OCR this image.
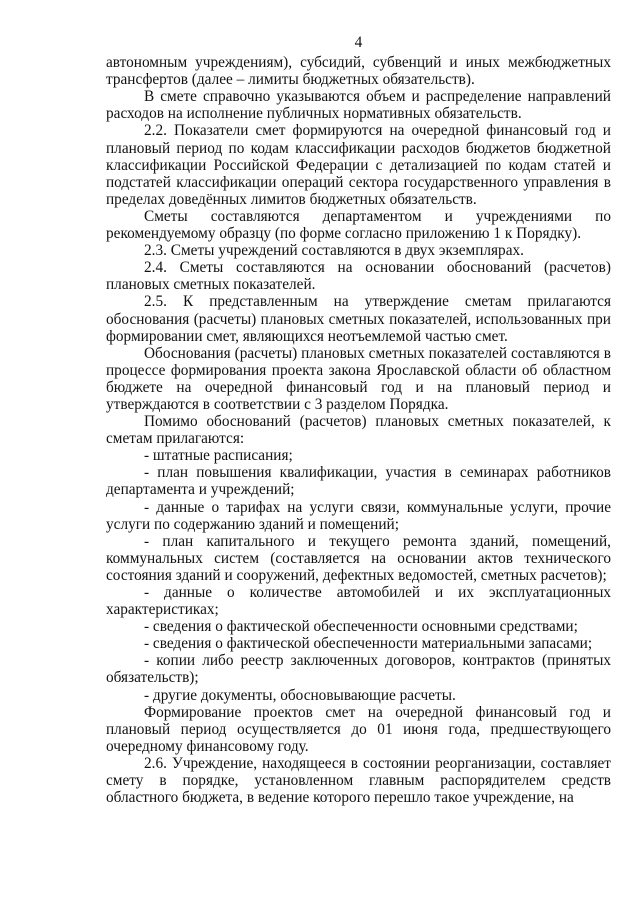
4

автономным учреждениям), субсидий, субвенций и иных межбюджетных трансфертов (далее – лимиты бюджетных обязательств).

В смете справочно указываются объем и распределение направлений расходов на исполнение публичных нормативных обязательств.

2.2. Показатели смет формируются на очередной финансовый год и плановый период по кодам классификации расходов бюджетов бюджетной классификации Российской Федерации с детализацией по кодам статей и подстатей классификации операций сектора государственного управления в пределах доведённых лимитов бюджетных обязательств.

Сметы составляются департаментом и учреждениями по рекомендуемому образцу (по форме согласно приложению 1 к Порядку).

2.3. Сметы учреждений составляются в двух экземплярах.

2.4. Сметы составляются на основании обоснований (расчетов) плановых сметных показателей.

2.5. К представленным на утверждение сметам прилагаются обоснования (расчеты) плановых сметных показателей, использованных при формировании смет, являющихся неотъемлемой частью смет.

Обоснования (расчеты) плановых сметных показателей составляются в процессе формирования проекта закона Ярославской области об областном бюджете на очередной финансовый год и на плановый период и утверждаются в соответствии с 3 разделом Порядка.

Помимо обоснований (расчетов) плановых сметных показателей, к сметам прилагаются:

- штатные расписания;

- план повышения квалификации, участия в семинарах работников департамента и учреждений;

- данные о тарифах на услуги связи, коммунальные услуги, прочие услуги по содержанию зданий и помещений;

- план капитального и текущего ремонта зданий, помещений, коммунальных систем (составляется на основании актов технического состояния зданий и сооружений, дефектных ведомостей, сметных расчетов);

- данные о количестве автомобилей и их эксплуатационных характеристиках;

- сведения о фактической обеспеченности основными средствами;

- сведения о фактической обеспеченности материальными запасами;

- копии либо реестр заключенных договоров, контрактов (принятых обязательств);

- другие документы, обосновывающие расчеты.

Формирование проектов смет на очередной финансовый год и плановый период осуществляется до 01 июня года, предшествующего очередному финансовому году.

2.6. Учреждение, находящееся в состоянии реорганизации, составляет смету в порядке, установленном главным распорядителем средств областного бюджета, в ведение которого перешло такое учреждение, на
